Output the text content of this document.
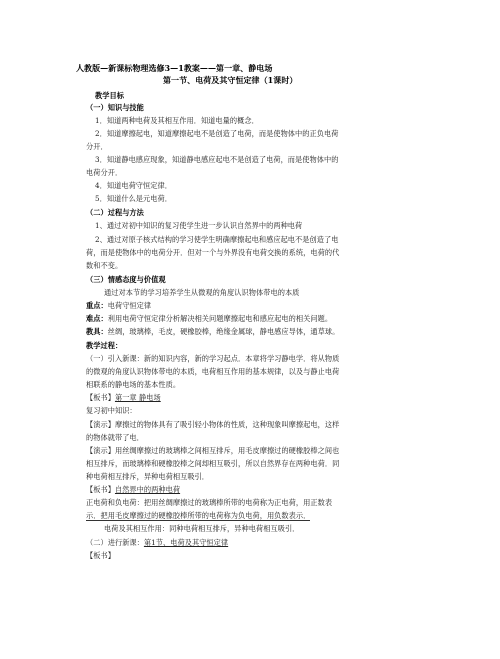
人教版—新课标物理选修3—1教案——第一章、静电场
第一节、电荷及其守恒定律（1课时）
教学目标
（一）知识与技能
1．知道两种电荷及其相互作用．知道电量的概念．
2．知道摩擦起电，知道摩擦起电不是创造了电荷，而是使物体中的正负电荷
分开．
3．知道静电感应现象，知道静电感应起电不是创造了电荷，而是使物体中的
电荷分开．
4．知道电荷守恒定律．
5．知道什么是元电荷．
（二）过程与方法
1、通过对初中知识的复习使学生进一步认识自然界中的两种电荷
2、通过对原子核式结构的学习使学生明确摩擦起电和感应起电不是创造了电
荷，而是使物体中的电荷分开．但对一个与外界没有电荷交换的系统，电荷的代
数和不变。
（三）情感态度与价值观
通过对本节的学习培养学生从微观的角度认识物体带电的本质
重点：电荷守恒定律
难点：利用电荷守恒定律分析解决相关问题摩擦起电和感应起电的相关问题。
教具：丝绸，玻璃棒，毛皮，硬橡胶棒，绝缘金属球，静电感应导体，通草球。
教学过程：
（一）引入新课：新的知识内容，新的学习起点．本章将学习静电学．将从物质
的微观的角度认识物体带电的本质，电荷相互作用的基本规律，以及与静止电荷
相联系的静电场的基本性质。
【板书】第一章 静电场
复习初中知识：
【演示】摩擦过的物体具有了吸引轻小物体的性质，这种现象叫摩擦起电，这样
的物体就带了电．
【演示】用丝绸摩擦过的玻璃棒之间相互排斥，用毛皮摩擦过的硬橡胶棒之间也
相互排斥，而玻璃棒和硬橡胶棒之间却相互吸引，所以自然界存在两种电荷．同
种电荷相互排斥，异种电荷相互吸引．
【板书】自然界中的两种电荷
正电荷和负电荷：把用丝绸摩擦过的玻璃棒所带的电荷称为正电荷，用正数表
示．把用毛皮摩擦过的硬橡胶棒所带的电荷称为负电荷，用负数表示．
电荷及其相互作用：同种电荷相互排斥，异种电荷相互吸引．
（二）进行新课：第1节、电荷及其守恒定律
【板书】
